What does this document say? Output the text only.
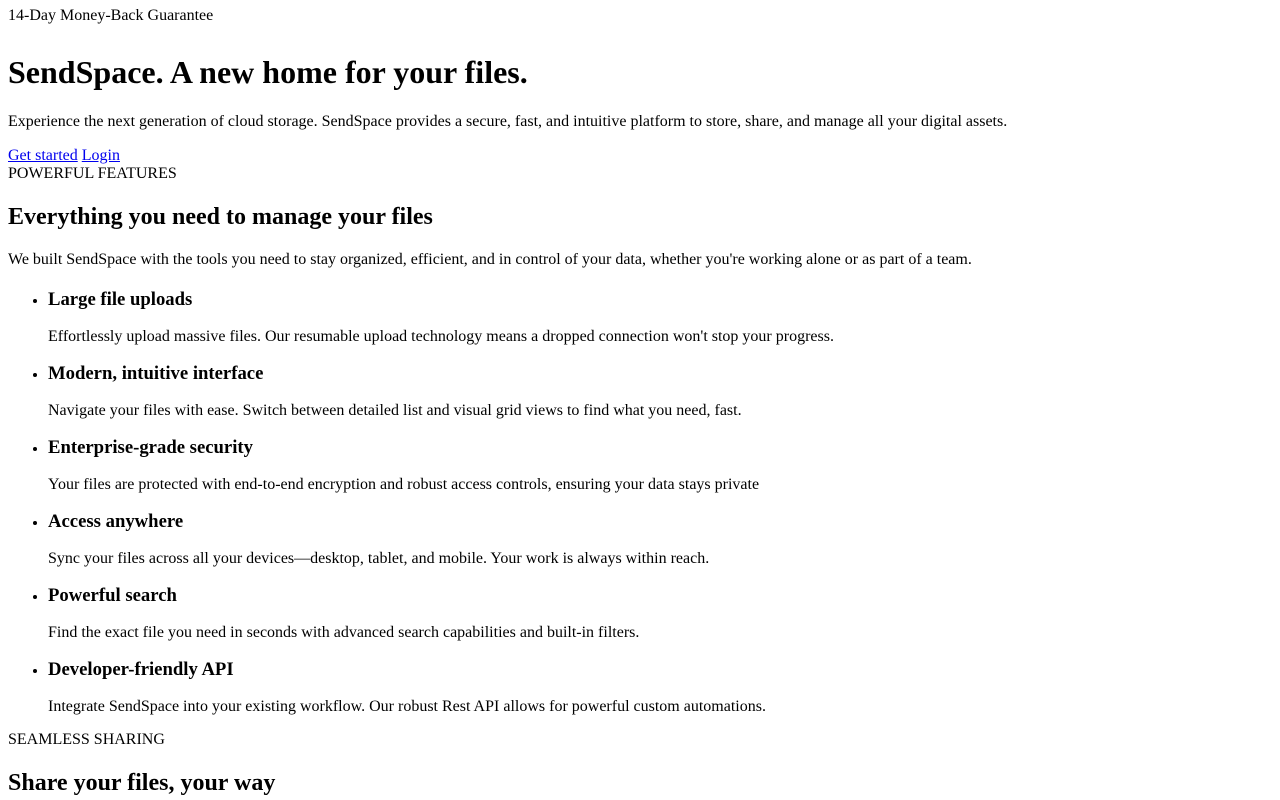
14-Day Money-Back Guarantee
SendSpace. A new home for your files.

Experience the next generation of cloud storage. SendSpace provides a secure, fast, and intuitive platform to store, share, and manage all your digital assets.

Get started Login
POWERFUL FEATURES
Everything you need to manage your files

We built SendSpace with the tools you need to stay organized, efficient, and in control of your data, whether you're working alone or as part of a team.

• Large file uploads

Effortlessly upload massive files. Our resumable upload technology means a dropped connection won't stop your progress.

• Modern, intuitive interface

Navigate your files with ease. Switch between detailed list and visual grid views to find what you need, fast.

• Enterprise-grade security

Your files are protected with end-to-end encryption and robust access controls, ensuring your data stays private

• Access anywhere

Sync your files across all your devices—desktop, tablet, and mobile. Your work is always within reach.

• Powerful search

Find the exact file you need in seconds with advanced search capabilities and built-in filters.

• Developer-friendly API

Integrate SendSpace into your existing workflow. Our robust Rest API allows for powerful custom automations.

SEAMLESS SHARING
Share your files, your way
